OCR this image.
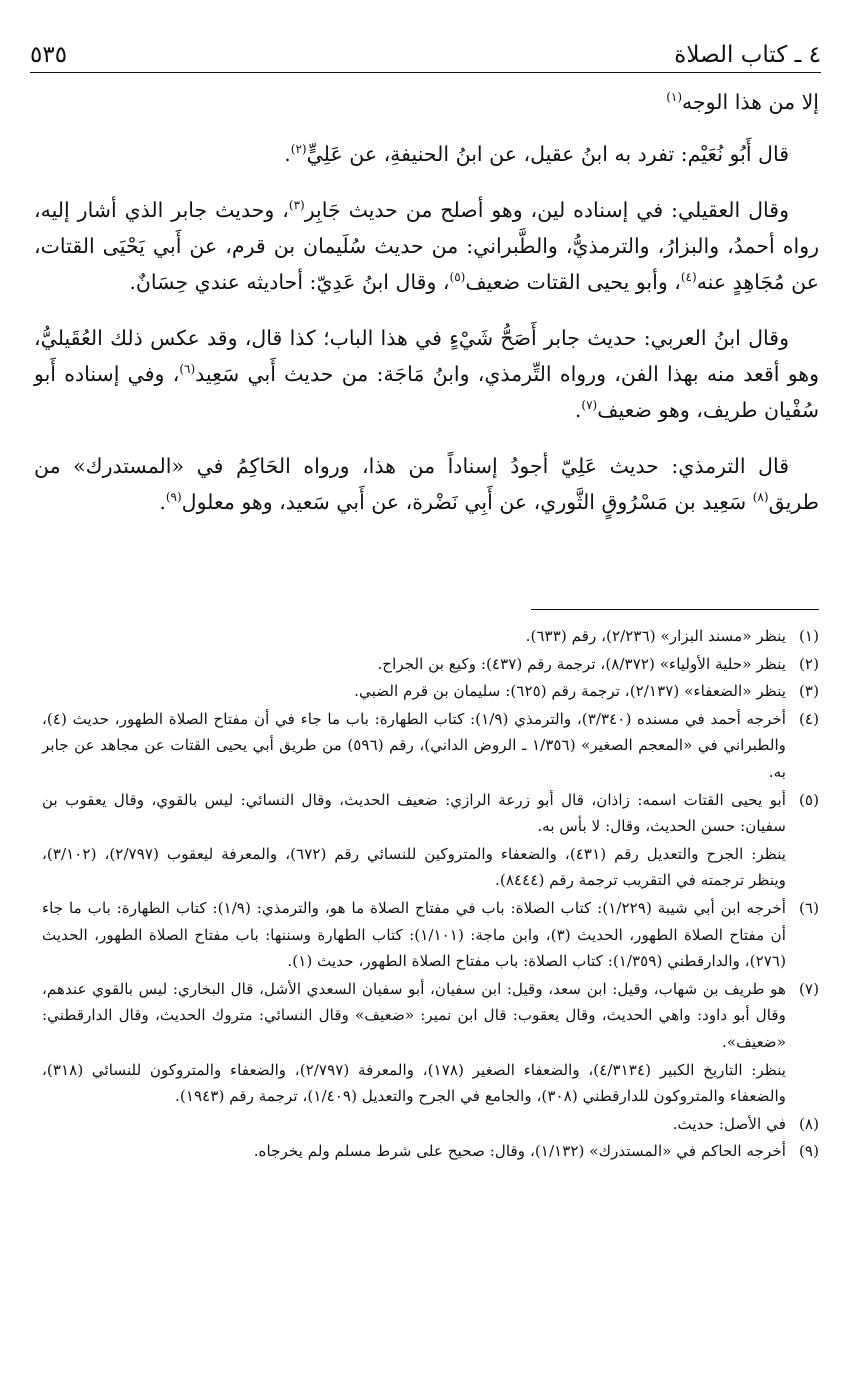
٤ ـ كتاب الصلاة
٥٣٥

إلا من هذا الوجه$^{(١)}$

قال أَبُو نُعَيْم: تفرد به ابنُ عقيل، عن ابنُ الحنيفةِ، عن عَلِيٍّ$^{(٢)}$.

وقال العقيلي: في إسناده لين، وهو أصلح من حديث جَابِر$^{(٣)}$، وحديث جابر الذي أشار إليه، رواه أحمدُ، والبزارُ، والترمذيُّ، والطَّبراني: من حديث سُلَيمان بن قرم، عن أَبي يَحْيَى القتات، عن مُجَاهِدٍ عنه$^{(٤)}$، وأبو يحيى القتات ضعيف$^{(٥)}$، وقال ابنُ عَدِيّ: أحاديثه عندي حِسَانٌ.

وقال ابنُ العربي: حديث جابر أَصَحُّ شَيْءٍ في هذا الباب؛ كذا قال، وقد عكس ذلك العُقَيليُّ، وهو أقعد منه بهذا الفن، ورواه التِّرمذي، وابنُ مَاجَة: من حديث أَبي سَعِيد$^{(٦)}$، وفي إسناده أَبو سُفْيان طريف، وهو ضعيف$^{(٧)}$.

قال الترمذي: حديث عَلِيّ أجودُ إسناداً من هذا، ورواه الحَاكِمُ في «المستدرك» من طريق$^{(٨)}$ سَعِيد بن مَسْرُوقٍ الثَّوري، عن أَبِي نَضْرة، عن أَبي سَعيد، وهو معلول$^{(٩)}$.

(١)
ينظر «مسند البزار» (٢/٢٣٦)، رقم (٦٣٣).
(٢)
ينظر «حلية الأولياء» (٨/٣٧٢)، ترجمة رقم (٤٣٧): وكيع بن الجراح.
(٣)
ينظر «الضعفاء» (٢/١٣٧)، ترجمة رقم (٦٢٥): سليمان بن قرم الضبي.
(٤)
أخرجه أحمد في مسنده (٣/٣٤٠)، والترمذي (١/٩): كتاب الطهارة: باب ما جاء في أن مفتاح الصلاة الطهور، حديث (٤)، والطبراني في «المعجم الصغير» (١/٣٥٦ ـ الروض الداني)، رقم (٥٩٦) من طريق أبي يحيى القتات عن مجاهد عن جابر به.
(٥)
أبو يحيى القتات اسمه: زاذان، قال أبو زرعة الرازي: ضعيف الحديث، وقال النسائي: ليس بالقوي، وقال يعقوب بن سفيان: حسن الحديث، وقال: لا بأس به.
ينظر: الجرح والتعديل رقم (٤٣١)، والضعفاء والمتروكين للنسائي رقم (٦٧٢)، والمعرفة ليعقوب (٢/٧٩٧)، (٣/١٠٢)، وينظر ترجمته في التقريب ترجمة رقم (٨٤٤٤).
(٦)
أخرجه ابن أبي شيبة (١/٢٢٩): كتاب الصلاة: باب في مفتاح الصلاة ما هو، والترمذي: (١/٩): كتاب الطهارة: باب ما جاء أن مفتاح الصلاة الطهور، الحديث (٣)، وابن ماجة: (١/١٠١): كتاب الطهارة وسننها: باب مفتاح الصلاة الطهور، الحديث (٢٧٦)، والدارقطني (١/٣٥٩): كتاب الصلاة: باب مفتاح الصلاة الطهور، حديث (١).
(٧)
هو طريف بن شهاب، وقيل: ابن سعد، وقيل: ابن سفيان، أبو سفيان السعدي الأشل، قال البخاري: ليس بالقوي عندهم، وقال أبو داود: واهي الحديث، وقال يعقوب: قال ابن نمير: «ضعيف» وقال النسائي: متروك الحديث، وقال الدارقطني: «ضعيف».
ينظر: التاريخ الكبير (٤/٣١٣٤)، والضعفاء الصغير (١٧٨)، والمعرفة (٢/٧٩٧)، والضعفاء والمتروكون للنسائي (٣١٨)، والضعفاء والمتروكون للدارقطني (٣٠٨)، والجامع في الجرح والتعديل (١/٤٠٩)، ترجمة رقم (١٩٤٣).
(٨)
في الأصل: حديث.
(٩)
أخرجه الحاكم في «المستدرك» (١/١٣٢)، وقال: صحيح على شرط مسلم ولم يخرجاه.
